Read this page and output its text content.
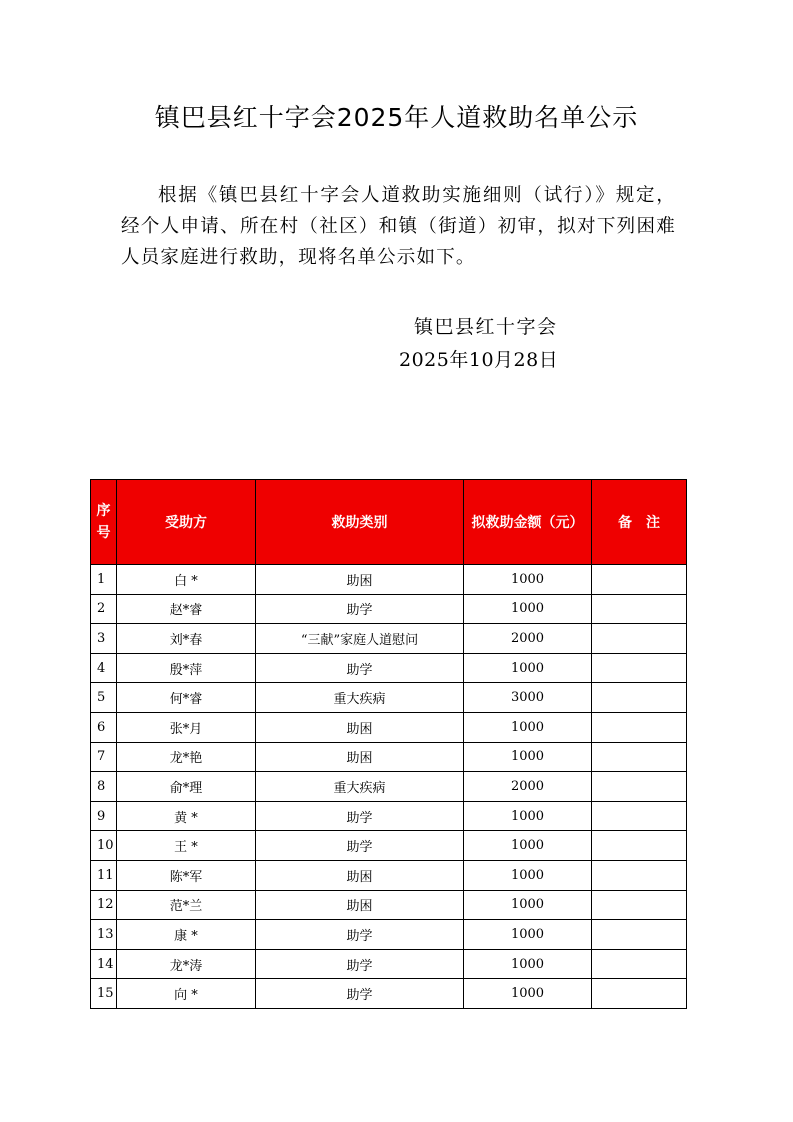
镇巴县红十字会2025年人道救助名单公示
根据《镇巴县红十字会人道救助实施细则（试行）》规定，经个人申请、所在村（社区）和镇（街道）初审，拟对下列困难人员家庭进行救助，现将名单公示如下。
镇巴县红十字会
2025年10月28日
序
号	受助方	救助类别	拟救助金额（元）	备　注
1	白 *	助困	1000	
2	赵*睿	助学	1000	
3	刘*春	“三献”家庭人道慰问	2000	
4	殷*萍	助学	1000	
5	何*睿	重大疾病	3000	
6	张*月	助困	1000	
7	龙*艳	助困	1000	
8	俞*理	重大疾病	2000	
9	黄 *	助学	1000	
10	王 *	助学	1000	
11	陈*军	助困	1000	
12	范*兰	助困	1000	
13	康 *	助学	1000	
14	龙*涛	助学	1000	
15	向 *	助学	1000	
